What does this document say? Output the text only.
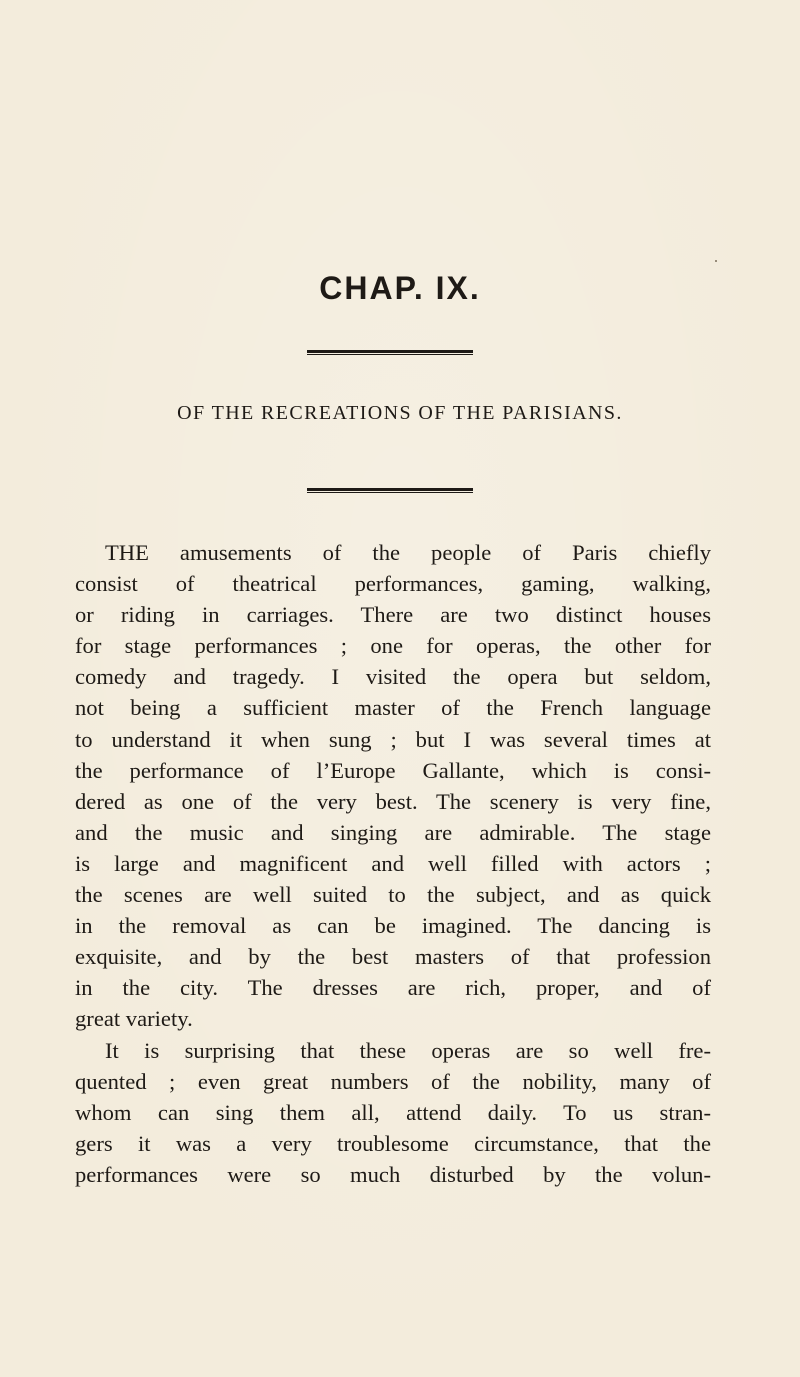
CHAP. IX.
OF THE RECREATIONS OF THE PARISIANS.
THE amusements of the people of Paris chiefly
consist of theatrical performances, gaming, walking,
or riding in carriages. There are two distinct houses
for stage performances ; one for operas, the other for
comedy and tragedy. I visited the opera but seldom,
not being a sufficient master of the French language
to understand it when sung ; but I was several times at
the performance of l’Europe Gallante, which is consi-
dered as one of the very best. The scenery is very fine,
and the music and singing are admirable. The stage
is large and magnificent and well filled with actors ;
the scenes are well suited to the subject, and as quick
in the removal as can be imagined. The dancing is
exquisite, and by the best masters of that profession
in the city. The dresses are rich, proper, and of
great variety.
It is surprising that these operas are so well fre-
quented ; even great numbers of the nobility, many of
whom can sing them all, attend daily. To us stran-
gers it was a very troublesome circumstance, that the
performances were so much disturbed by the volun-
